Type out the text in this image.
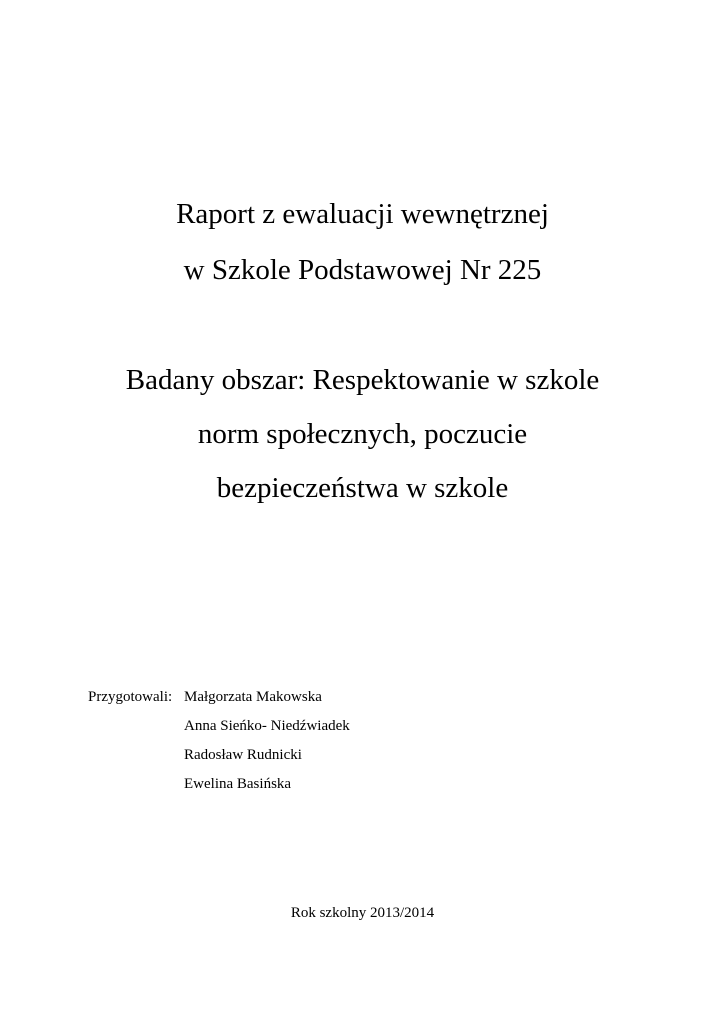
Raport z ewaluacji wewnętrznej
w Szkole Podstawowej Nr 225
Badany obszar: Respektowanie w szkole
norm społecznych, poczucie
bezpieczeństwa w szkole
Przygotowali: Małgorzata Makowska
Anna Sieńko- Niedźwiadek
Radosław Rudnicki
Ewelina Basińska
Rok szkolny 2013/2014
